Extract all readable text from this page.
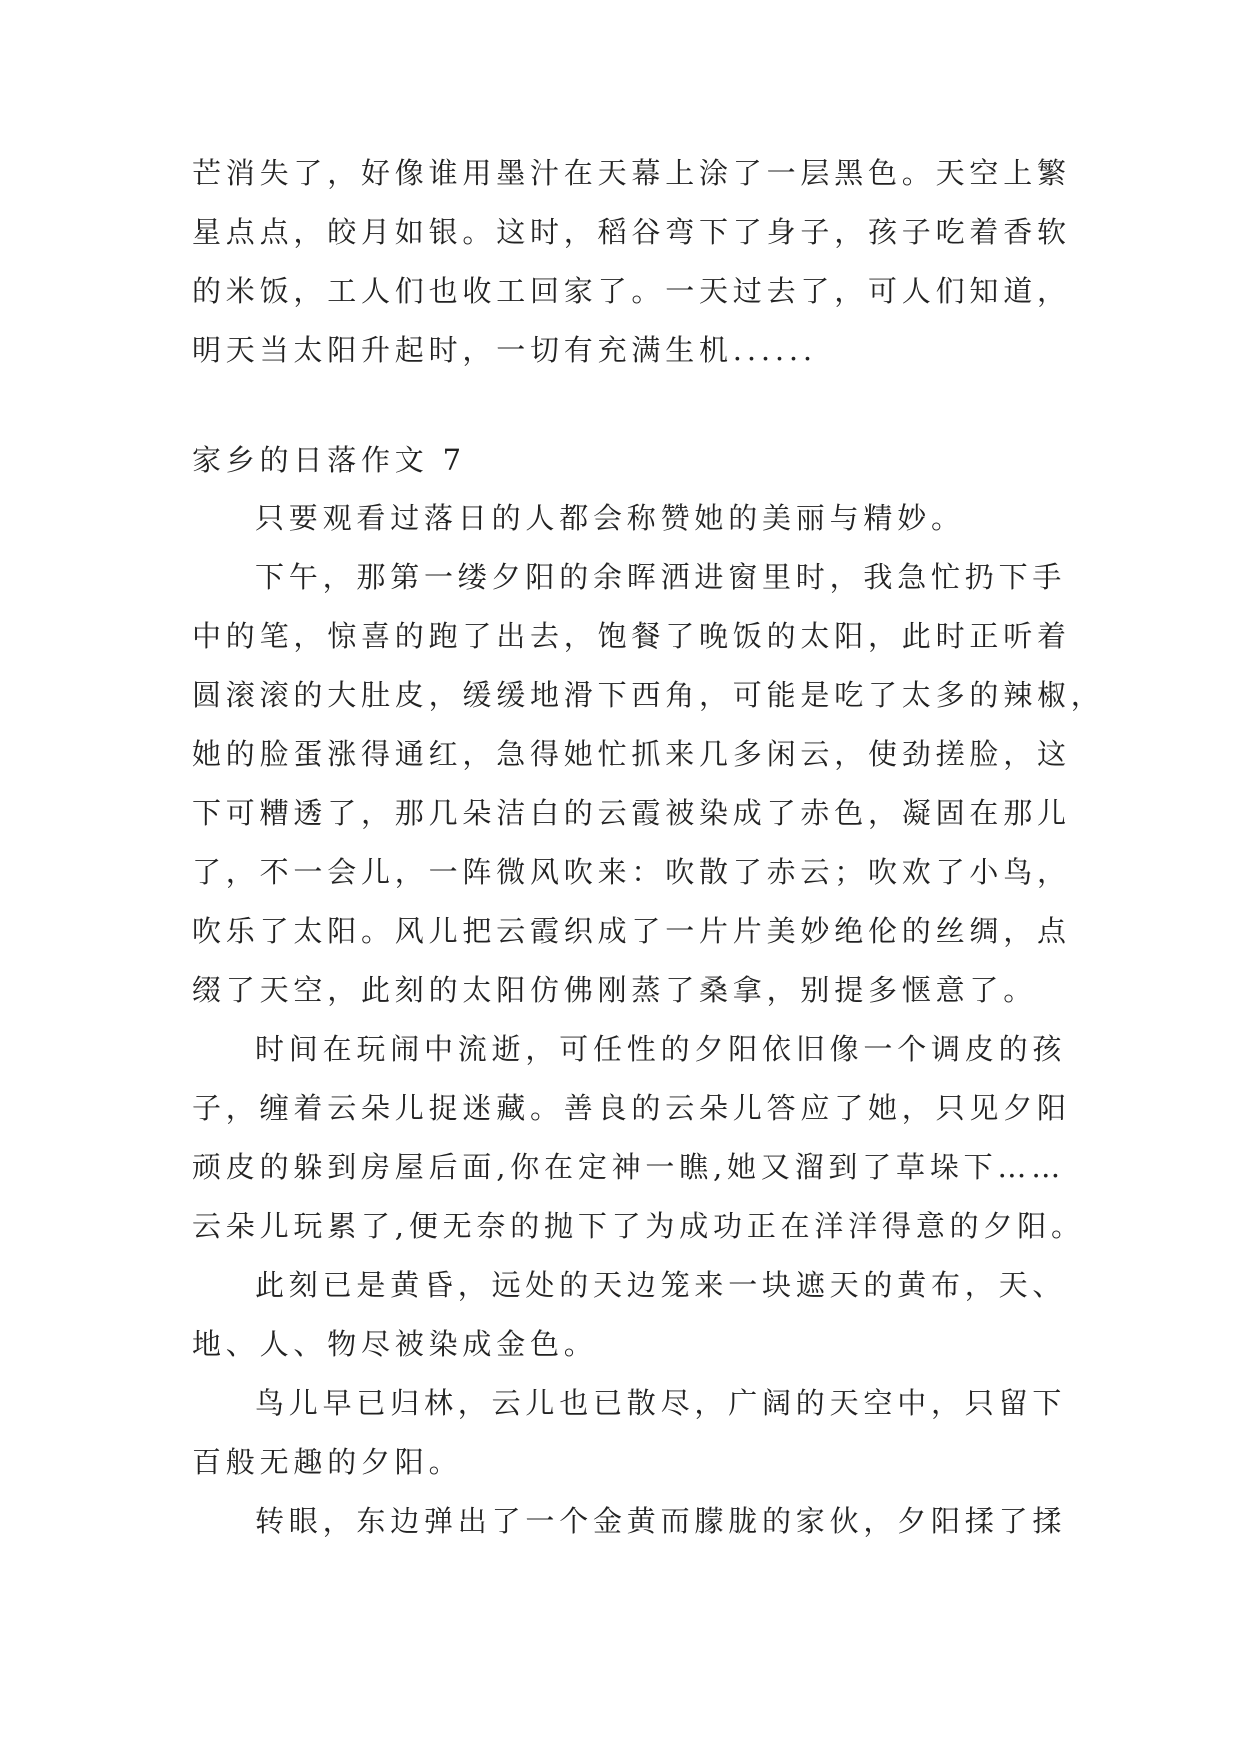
芒消失了，好像谁用墨汁在天幕上涂了一层黑色。天空上繁
星点点，皎月如银。这时，稻谷弯下了身子，孩子吃着香软
的米饭，工人们也收工回家了。一天过去了，可人们知道，
明天当太阳升起时，一切有充满生机......
家乡的日落作文 7
只要观看过落日的人都会称赞她的美丽与精妙。
下午，那第一缕夕阳的余晖洒进窗里时，我急忙扔下手
中的笔，惊喜的跑了出去，饱餐了晚饭的太阳，此时正听着
圆滚滚的大肚皮，缓缓地滑下西角，可能是吃了太多的辣椒，
她的脸蛋涨得通红，急得她忙抓来几多闲云，使劲搓脸，这
下可糟透了，那几朵洁白的云霞被染成了赤色，凝固在那儿
了，不一会儿，一阵微风吹来：吹散了赤云；吹欢了小鸟，
吹乐了太阳。风儿把云霞织成了一片片美妙绝伦的丝绸，点
缀了天空，此刻的太阳仿佛刚蒸了桑拿，别提多惬意了。
时间在玩闹中流逝，可任性的夕阳依旧像一个调皮的孩
子，缠着云朵儿捉迷藏。善良的云朵儿答应了她，只见夕阳
顽皮的躲到房屋后面,你在定神一瞧,她又溜到了草垛下……
云朵儿玩累了,便无奈的抛下了为成功正在洋洋得意的夕阳。
此刻已是黄昏，远处的天边笼来一块遮天的黄布，天、
地、人、物尽被染成金色。
鸟儿早已归林，云儿也已散尽，广阔的天空中，只留下
百般无趣的夕阳。
转眼，东边弹出了一个金黄而朦胧的家伙，夕阳揉了揉
